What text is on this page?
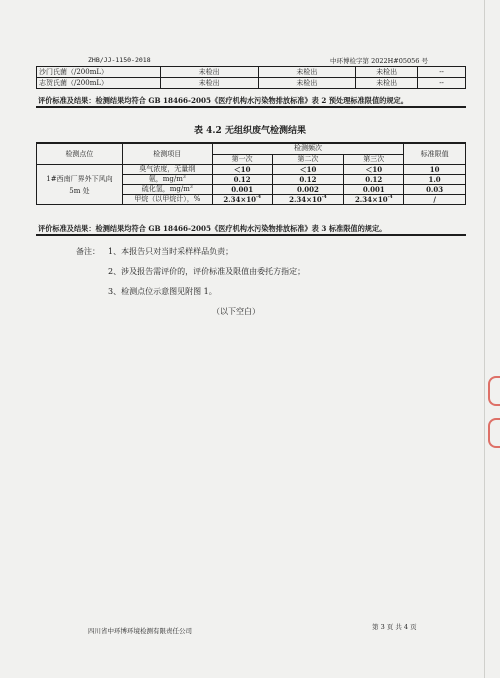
ZHB/JJ-1150-2018	中环博检字第 2022H#05056 号
沙门氏菌（/200mL）	未检出	未检出	未检出	--
志贺氏菌（/200mL）	未检出	未检出	未检出	--
评价标准及结果：检测结果均符合 GB 18466-2005《医疗机构水污染物排放标准》表 2 预处理标准限值的规定。
表 4.2 无组织废气检测结果
检测点位	检测项目	检测频次			标准限值
		第一次	第二次	第三次	
1#西南厂界外下风向
5m 处	臭气浓度，无量纲	＜10	＜10	＜10	10
	氨，$mg/m^3$	0.12	0.12	0.12	1.0
	硫化氢，$mg/m^3$	0.001	0.002	0.001	0.03
	甲烷（以甲烷计），%	$2.34\times 10^{-4}$	$2.34\times 10^{-4}$	$2.34\times 10^{-4}$	/
评价标准及结果：检测结果均符合 GB 18466-2005《医疗机构水污染物排放标准》表 3 标准限值的规定。
备注： 1、本报告只对当时采样样品负责；
2、涉及报告需评价的，评价标准及限值由委托方指定；
3、检测点位示意图见附图 1。
（以下空白）
四川省中环博环境检测有限责任公司	第 3 页 共 4 页
